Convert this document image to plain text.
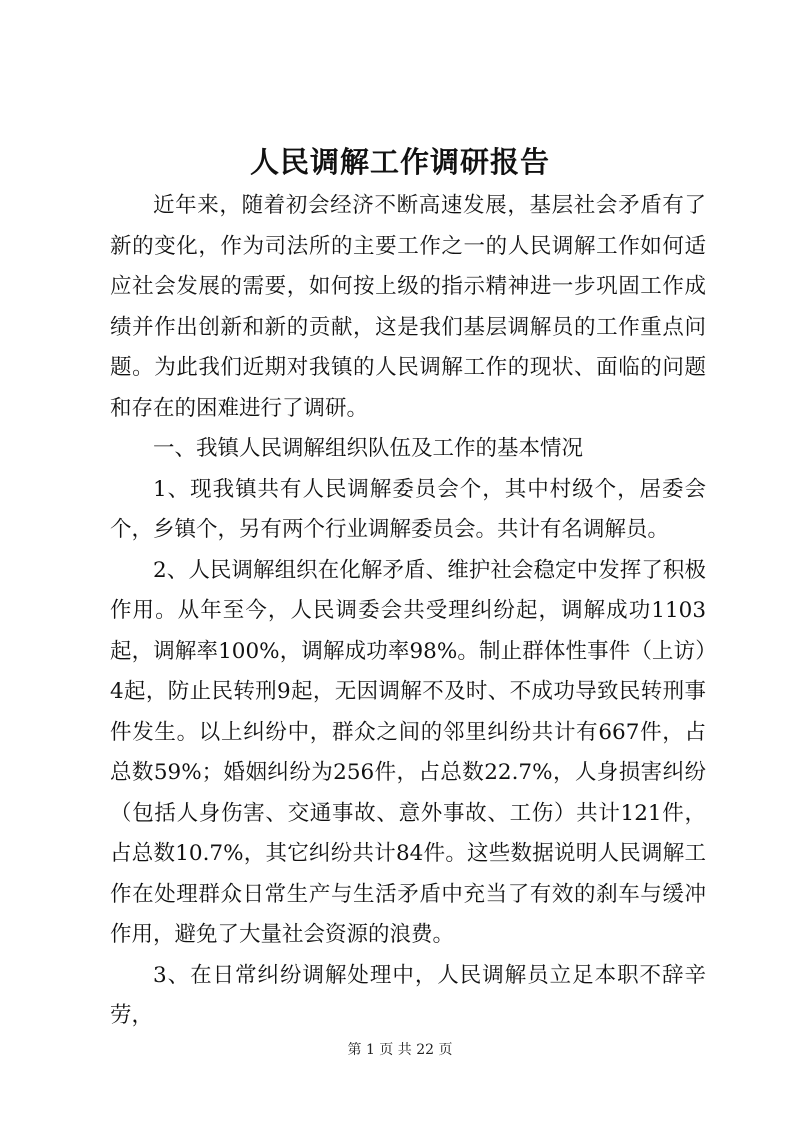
人民调解工作调研报告

近年来，随着初会经济不断高速发展，基层社会矛盾有了新的变化，作为司法所的主要工作之一的人民调解工作如何适应社会发展的需要，如何按上级的指示精神进一步巩固工作成绩并作出创新和新的贡献，这是我们基层调解员的工作重点问题。为此我们近期对我镇的人民调解工作的现状、面临的问题和存在的困难进行了调研。

一、我镇人民调解组织队伍及工作的基本情况

1、现我镇共有人民调解委员会个，其中村级个，居委会个，乡镇个，另有两个行业调解委员会。共计有名调解员。

2、人民调解组织在化解矛盾、维护社会稳定中发挥了积极作用。从年至今，人民调委会共受理纠纷起，调解成功1103起，调解率100%，调解成功率98%。制止群体性事件（上访）4起，防止民转刑9起，无因调解不及时、不成功导致民转刑事件发生。以上纠纷中，群众之间的邻里纠纷共计有667件，占总数59%；婚姻纠纷为256件，占总数22.7%，人身损害纠纷（包括人身伤害、交通事故、意外事故、工伤）共计121件，占总数10.7%，其它纠纷共计84件。这些数据说明人民调解工作在处理群众日常生产与生活矛盾中充当了有效的刹车与缓冲作用，避免了大量社会资源的浪费。

3、在日常纠纷调解处理中，人民调解员立足本职不辞辛劳，

第 1 页 共 22 页
